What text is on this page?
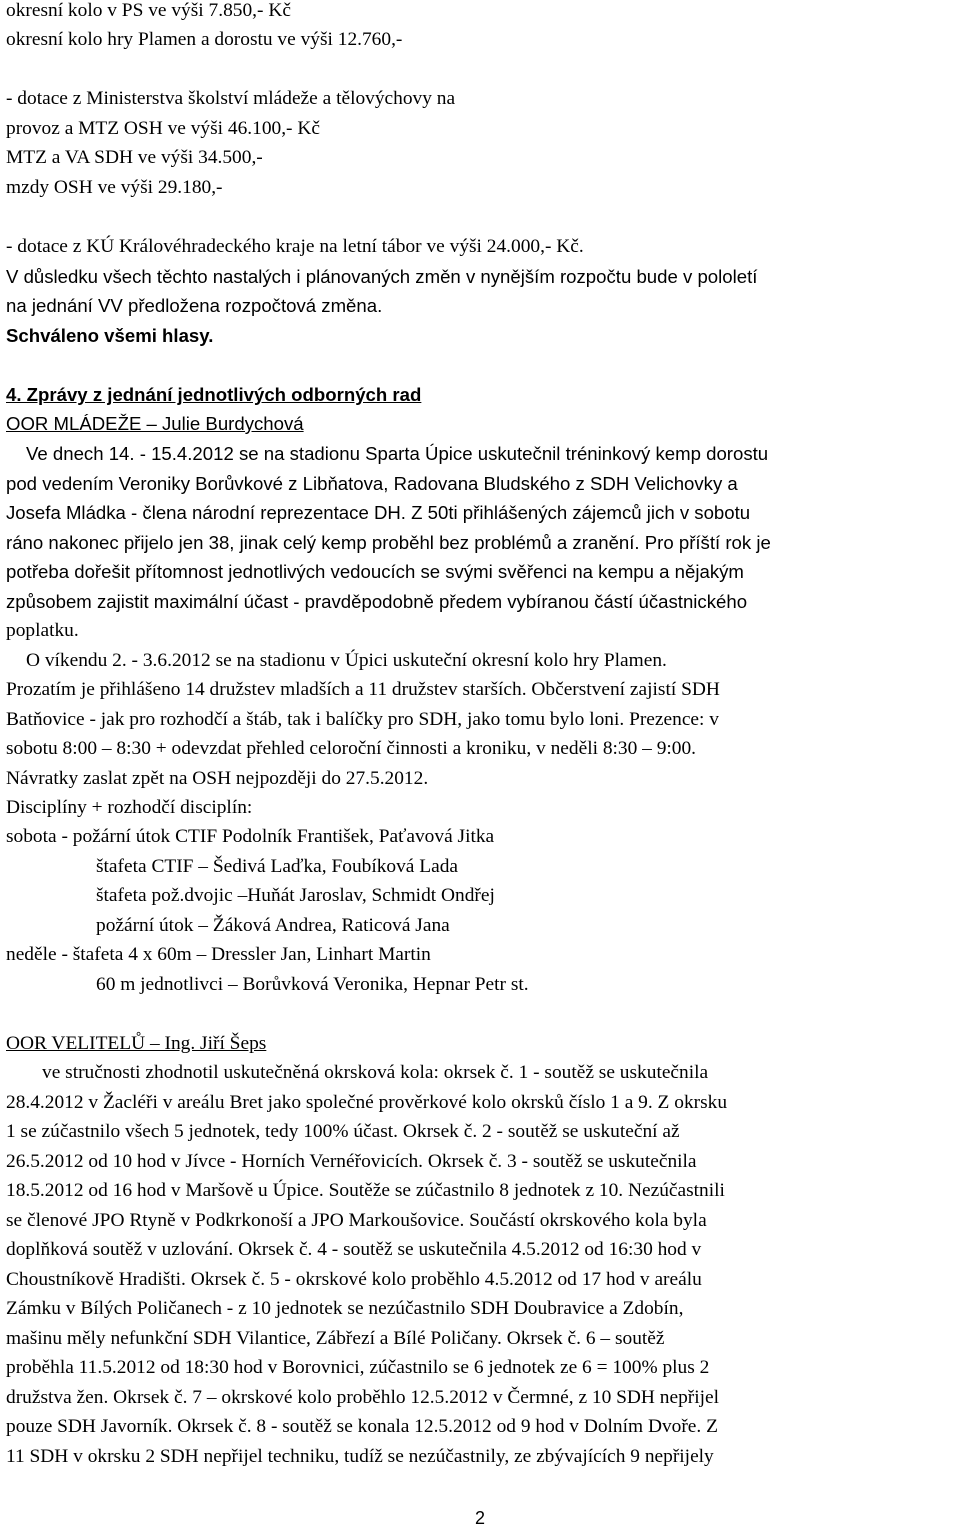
okresní kolo v PS ve výši 7.850,- Kč
okresní kolo hry Plamen a dorostu ve výši 12.760,-
- dotace z Ministerstva školství mládeže a tělovýchovy na
provoz a MTZ OSH ve výši 46.100,- Kč
MTZ a VA SDH ve výši 34.500,-
mzdy OSH ve výši 29.180,-
- dotace z KÚ Královéhradeckého kraje na letní tábor ve výši 24.000,- Kč.
V důsledku všech těchto nastalých i plánovaných změn v nynějším rozpočtu bude v pololetí
na jednání VV předložena rozpočtová změna.
Schváleno všemi hlasy.
4. Zprávy z jednání jednotlivých odborných rad
OOR MLÁDEŽE – Julie Burdychová
Ve dnech 14. - 15.4.2012 se na stadionu Sparta Úpice uskutečnil tréninkový kemp dorostu
pod vedením Veroniky Borůvkové z Libňatova, Radovana Bludského z SDH Velichovky a
Josefa Mládka - člena národní reprezentace DH. Z 50ti přihlášených zájemců jich v sobotu
ráno nakonec přijelo jen 38, jinak celý kemp proběhl bez problémů a zranění. Pro příští rok je
potřeba dořešit přítomnost jednotlivých vedoucích se svými svěřenci na kempu a nějakým
způsobem zajistit maximální účast - pravděpodobně předem vybíranou částí účastnického
poplatku.
O víkendu 2. - 3.6.2012 se na stadionu v Úpici uskuteční okresní kolo hry Plamen.
Prozatím je přihlášeno 14 družstev mladších a 11 družstev starších. Občerstvení zajistí SDH
Batňovice - jak pro rozhodčí a štáb, tak i balíčky pro SDH, jako tomu bylo loni. Prezence: v
sobotu 8:00 – 8:30 + odevzdat přehled celoroční činnosti a kroniku, v neděli 8:30 – 9:00.
Návratky zaslat zpět na OSH nejpozději do 27.5.2012.
Disciplíny + rozhodčí disciplín:
sobota - požární útok CTIF Podolník František, Paťavová Jitka
štafeta CTIF – Šedivá Laďka, Foubíková Lada
štafeta pož.dvojic –Huňát Jaroslav, Schmidt Ondřej
požární útok – Žáková Andrea, Raticová Jana
neděle - štafeta 4 x 60m – Dressler Jan, Linhart Martin
60 m jednotlivci – Borůvková Veronika, Hepnar Petr st.
OOR VELITELŮ – Ing. Jiří Šeps
ve stručnosti zhodnotil uskutečněná okrsková kola: okrsek č. 1 - soutěž se uskutečnila
28.4.2012 v Žacléři v areálu Bret jako společné prověrkové kolo okrsků číslo 1 a 9. Z okrsku
1 se zúčastnilo všech 5 jednotek, tedy 100% účast. Okrsek č. 2 - soutěž se uskuteční až
26.5.2012 od 10 hod v Jívce - Horních Vernéřovicích. Okrsek č. 3 - soutěž se uskutečnila
18.5.2012 od 16 hod v Maršově u Úpice. Soutěže se zúčastnilo 8 jednotek z 10. Nezúčastnili
se členové JPO Rtyně v Podkrkonoší a JPO Markoušovice. Součástí okrskového kola byla
doplňková soutěž v uzlování. Okrsek č. 4 - soutěž se uskutečnila 4.5.2012 od 16:30 hod v
Choustníkově Hradišti. Okrsek č. 5 - okrskové kolo proběhlo 4.5.2012 od 17 hod v areálu
Zámku v Bílých Poličanech - z 10 jednotek se nezúčastnilo SDH Doubravice a Zdobín,
mašinu měly nefunkční SDH Vilantice, Zábřezí a Bílé Poličany. Okrsek č. 6 – soutěž
proběhla 11.5.2012 od 18:30 hod v Borovnici, zúčastnilo se 6 jednotek ze 6 = 100% plus 2
družstva žen. Okrsek č. 7 – okrskové kolo proběhlo 12.5.2012 v Čermné, z 10 SDH nepřijel
pouze SDH Javorník. Okrsek č. 8 - soutěž se konala 12.5.2012 od 9 hod v Dolním Dvoře. Z
11 SDH v okrsku 2 SDH nepřijel techniku, tudíž se nezúčastnily, ze zbývajících 9 nepřijely
2
